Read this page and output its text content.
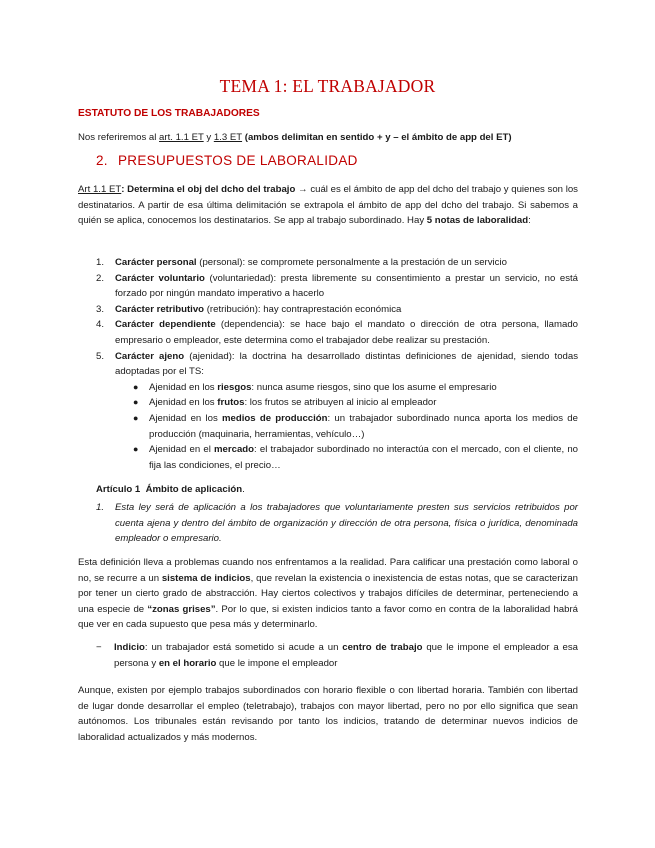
TEMA 1: EL TRABAJADOR
ESTATUTO DE LOS TRABAJADORES
Nos referiremos al art. 1.1 ET y 1.3 ET (ambos delimitan en sentido + y – el ámbito de app del ET)
2. PRESUPUESTOS DE LABORALIDAD
Art 1.1 ET: Determina el obj del dcho del trabajo → cuál es el ámbito de app del dcho del trabajo y quienes son los destinatarios. A partir de esa última delimitación se extrapola el ámbito de app del dcho del trabajo. Si sabemos a quién se aplica, conocemos los destinatarios. Se app al trabajo subordinado. Hay 5 notas de laboralidad:
1. Carácter personal (personal): se compromete personalmente a la prestación de un servicio
2. Carácter voluntario (voluntariedad): presta libremente su consentimiento a prestar un servicio, no está forzado por ningún mandato imperativo a hacerlo
3. Carácter retributivo (retribución): hay contraprestación económica
4. Carácter dependiente (dependencia): se hace bajo el mandato o dirección de otra persona, llamado empresario o empleador, este determina como el trabajador debe realizar su prestación.
5. Carácter ajeno (ajenidad): la doctrina ha desarrollado distintas definiciones de ajenidad, siendo todas adoptadas por el TS:
● Ajenidad en los riesgos: nunca asume riesgos, sino que los asume el empresario
● Ajenidad en los frutos: los frutos se atribuyen al inicio al empleador
● Ajenidad en los medios de producción: un trabajador subordinado nunca aporta los medios de producción (maquinaria, herramientas, vehículo…)
● Ajenidad en el mercado: el trabajador subordinado no interactúa con el mercado, con el cliente, no fija las condiciones, el precio…
Artículo 1 Ámbito de aplicación.
1.	Esta ley será de aplicación a los trabajadores que voluntariamente presten sus servicios retribuidos por cuenta ajena y dentro del ámbito de organización y dirección de otra persona, física o jurídica, denominada empleador o empresario.
Esta definición lleva a problemas cuando nos enfrentamos a la realidad. Para calificar una prestación como laboral o no, se recurre a un sistema de indicios, que revelan la existencia o inexistencia de estas notas, que se caracterizan por tener un cierto grado de abstracción. Hay ciertos colectivos y trabajos difíciles de determinar, perteneciendo a una especie de “zonas grises”. Por lo que, si existen indicios tanto a favor como en contra de la laboralidad habrá que ver en cada supuesto que pesa más y determinarlo.
−	Indicio: un trabajador está sometido si acude a un centro de trabajo que le impone el empleador a esa persona y en el horario que le impone el empleador
Aunque, existen por ejemplo trabajos subordinados con horario flexible o con libertad horaria. También con libertad de lugar donde desarrollar el empleo (teletrabajo), trabajos con mayor libertad, pero no por ello significa que sean autónomos. Los tribunales están revisando por tanto los indicios, tratando de determinar nuevos indicios de laboralidad actualizados y más modernos.
